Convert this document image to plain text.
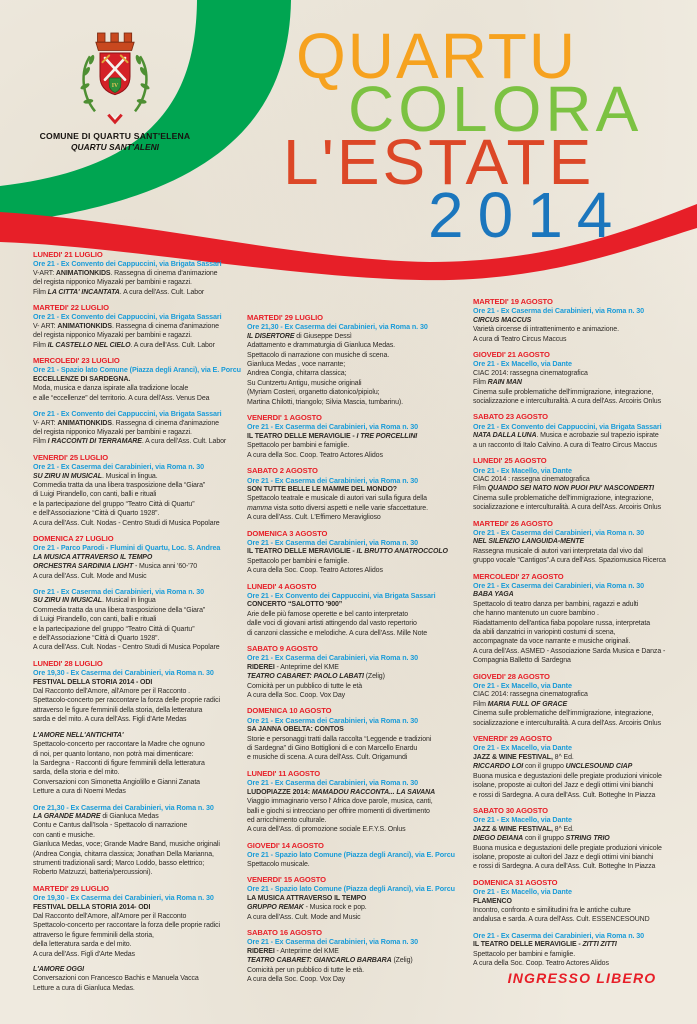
IV
COMUNE DI QUARTU SANT'ELENA
QUARTU SANT'ALENI
QUARTU
COLORA
L'ESTATE
2014
LUNEDI' 21 LUGLIO
Ore 21 - Ex Convento dei Cappuccini, via Brigata Sassari
V-ART: ANIMATIONKIDS. Rassegna di cinema d'animazione
del regista nipponico Miyazaki per bambini e ragazzi.
Film LA CITTA' INCANTATA. A cura dell'Ass. Cult. Labor
MARTEDI' 22 LUGLIO
Ore 21 - Ex Convento dei Cappuccini, via Brigata Sassari
V- ART: ANIMATIONKIDS. Rassegna di cinema d'animazione
del regista nipponico Miyazaki per bambini e ragazzi.
Film IL CASTELLO NEL CIELO. A cura dell'Ass. Cult. Labor
MERCOLEDI' 23 LUGLIO
Ore 21 - Spazio lato Comune (Piazza degli Aranci), via E. Porcu
ECCELLENZE DI SARDEGNA.
Moda, musica e danza ispirate alla tradizione locale
e alle “eccellenze” del territorio. A cura dell'Ass. Venus Dea
Ore 21 - Ex Convento dei Cappuccini, via Brigata Sassari
V- ART: ANIMATIONKIDS. Rassegna di cinema d'animazione
del regista nipponico Miyazaki per bambini e ragazzi.
Film I RACCONTI DI TERRAMARE. A cura dell'Ass. Cult. Labor
VENERDI' 25 LUGLIO
Ore 21 - Ex Caserma dei Carabinieri, via Roma n. 30
SU ZIRU IN MUSICAL. Musical in lingua.
Commedia tratta da una libera trasposizione della “Giara”
di Luigi Pirandello, con canti, balli e rituali
e la partecipazione del gruppo “Teatro Città di Quartu”
e dell'Associazione “Città di Quarto 1928”.
A cura dell'Ass. Cult. Nodas - Centro Studi di Musica Popolare
DOMENICA 27 LUGLIO
Ore 21 - Parco Parodi - Flumini di Quartu, Loc. S. Andrea
LA MUSICA ATTRAVERSO IL TEMPO
ORCHESTRA SARDINIA LIGHT - Musica anni '60-'70
A cura dell'Ass. Cult. Mode and Music
Ore 21 - Ex Caserma dei Carabinieri, via Roma n. 30
SU ZIRU IN MUSICAL. Musical in lingua
Commedia tratta da una libera trasposizione della “Giara”
di Luigi Pirandello, con canti, balli e rituali
e la partecipazione del gruppo “Teatro Città di Quartu”
e dell'Associazione “Città di Quarto 1928”.
A cura dell'Ass. Cult. Nodas - Centro Studi di Musica Popolare
LUNEDI' 28 LUGLIO
Ore 19,30 - Ex Caserma dei Carabinieri, via Roma n. 30
FESTIVAL DELLA STORIA 2014 - ODI
Dal Racconto dell'Amore, all'Amore per il Racconto .
Spettacolo-concerto per raccontare la forza delle proprie radici
attraverso le figure femminili della storia, della letteratura
sarda e del mito. A cura dell'Ass. Figli d'Arte Medas
L'AMORE NELL'ANTICHITA'
Spettacolo-concerto per raccontare la Madre che ognuno
di noi, per quanto lontano, non potrà mai dimenticare:
la Sardegna - Racconti di figure femminili della letteratura
sarda, della storia e del mito.
Conversazioni con Simonetta Angiolillo e Gianni Zanata
Letture a cura di Noemi Medas
Ore 21,30 - Ex Caserma dei Carabinieri, via Roma n. 30
LA GRANDE MADRE di Gianluca Medas
Contu e Cantus dall'Isola - Spettacolo di narrazione
con canti e musiche.
Gianluca Medas, voce; Grande Madre Band, musiche originali
(Andrea Congia, chitarra classica; Jonathan Della Marianna,
strumenti tradizionali sardi; Marco Loddo, basso elettrico;
Roberto Matzuzzi, batteria/percussioni).
MARTEDI' 29 LUGLIO
Ore 19,30 - Ex Caserma dei Carabinieri, via Roma n. 30
FESTIVAL DELLA STORIA 2014- ODI
Dal Racconto dell'Amore, all'Amore per il Racconto
Spettacolo-concerto per raccontare la forza delle proprie radici
attraverso le figure femminili della storia,
della letteratura sarda e del mito.
A cura dell'Ass. Figli d'Arte Medas
L'AMORE OGGI
Conversazioni con Francesco Bachis e Manuela Vacca
Letture a cura di Gianluca Medas.
MARTEDI' 29 LUGLIO
Ore 21,30 - Ex Caserma dei Carabinieri, via Roma n. 30
IL DISERTORE di Giuseppe Dessì
Adattamento e drammaturgia di Gianluca Medas.
Spettacolo di narrazione con musiche di scena.
Gianluca Medas , voce narrante;
Andrea Congia, chitarra classica;
Su Cuntzertu Antigu, musiche originali
(Myriam Costeri, organetto diatonico/pipiolu;
Martina Chilotti, triangolo; Silvia Mascia, tumbarinu).
VENERDI' 1 AGOSTO
Ore 21 - Ex Caserma dei Carabinieri, via Roma n. 30
IL TEATRO DELLE MERAVIGLIE - I TRE PORCELLINI
Spettacolo per bambini e famiglie.
A cura della Soc. Coop. Teatro Actores Alidos
SABATO 2 AGOSTO
Ore 21 - Ex Caserma dei Carabinieri, via Roma n. 30
SON TUTTE BELLE LE MAMME DEL MONDO?
Spettacolo teatrale e musicale di autori vari sulla figura della
mamma vista sotto diversi aspetti e nelle varie sfaccettature.
A cura dell'Ass. Cult. L'Effimero Meraviglioso
DOMENICA 3 AGOSTO
Ore 21 - Ex Caserma dei Carabinieri, via Roma n. 30
IL TEATRO DELLE MERAVIGLIE - IL BRUTTO ANATROCCOLO
Spettacolo per bambini e famiglie.
A cura della Soc. Coop. Teatro Actores Alidos
LUNEDI' 4 AGOSTO
Ore 21 - Ex Convento dei Cappuccini, via Brigata Sassari
CONCERTO “SALOTTO '900”
Arie delle più famose operette e bel canto interpretato
dalle voci di giovani artisti attingendo dal vasto repertorio
di canzoni classiche e melodiche. A cura dell'Ass. Mille Note
SABATO 9 AGOSTO
Ore 21 - Ex Caserma dei Carabinieri, via Roma n. 30
RIDEREI - Anteprime del KME
TEATRO CABARET: PAOLO LABATI (Zelig)
Comicità per un pubblico di tutte le età
A cura della Soc. Coop. Vox Day
DOMENICA 10 AGOSTO
Ore 21 - Ex Caserma dei Carabinieri, via Roma n. 30
SA JANNA OBELTA: CONTOS
Storie e personaggi tratti dalla raccolta “Leggende e tradizioni
di Sardegna” di Gino Bottiglioni di e con Marcello Enardu
e musiche di scena. A cura dell'Ass. Cult. Origamundi
LUNEDI' 11 AGOSTO
Ore 21 - Ex Caserma dei Carabinieri, via Roma n. 30
LUDOPIAZZE 2014: MAMADOU RACCONTA... LA SAVANA
Viaggio immaginario verso l' Africa dove parole, musica, canti,
balli e giochi si intrecciano per offrire momenti di divertimento
ed arricchimento culturale.
A cura dell'Ass. di promozione sociale E.F.Y.S. Onlus
GIOVEDI' 14 AGOSTO
Ore 21 - Spazio lato Comune (Piazza degli Aranci), via E. Porcu
Spettacolo musicale.
VENERDI' 15 AGOSTO
Ore 21 - Spazio lato Comune (Piazza degli Aranci), via E. Porcu
LA MUSICA ATTRAVERSO IL TEMPO
GRUPPO REMAK - Musica rock e pop.
A cura dell'Ass. Cult. Mode and Music
SABATO 16 AGOSTO
Ore 21 - Ex Caserma dei Carabinieri, via Roma n. 30
RIDEREI - Anteprime del KME
TEATRO CABARET: GIANCARLO BARBARA (Zelig)
Comicità per un pubblico di tutte le età.
A cura della Soc. Coop. Vox Day
MARTEDI' 19 AGOSTO
Ore 21 - Ex Caserma dei Carabinieri, via Roma n. 30
CIRCUS MACCUS
Varietà circense di intrattenimento e animazione.
A cura di Teatro Circus Maccus
GIOVEDI' 21 AGOSTO
Ore 21 - Ex Macello, via Dante
CIAC 2014: rassegna cinematografica
Film RAIN MAN
Cinema sulle problematiche dell'immigrazione, integrazione,
socializzazione e interculturalità. A cura dell'Ass. Arcoiris Onlus
SABATO 23 AGOSTO
Ore 21 - Ex Convento dei Cappuccini, via Brigata Sassari
NATA DALLA LUNA. Musica e acrobazie sul trapezio ispirate
a un racconto di Italo Calvino. A cura di Teatro Circus Maccus
LUNEDI' 25 AGOSTO
Ore 21 - Ex Macello, via Dante
CIAC 2014 : rassegna cinematografica
Film QUANDO SEI NATO NON PUOI PIU' NASCONDERTI
Cinema sulle problematiche dell'immigrazione, integrazione,
socializzazione e interculturalità. A cura dell'Ass. Arcoiris Onlus
MARTEDI' 26 AGOSTO
Ore 21 - Ex Caserma dei Carabinieri, via Roma n. 30
NEL SILENZIO LANGUIDA-MENTE
Rassegna musicale di autori vari interpretata dal vivo dal
gruppo vocale “Cantigos”.A cura dell'Ass. Spaziomusica Ricerca
MERCOLEDI' 27 AGOSTO
Ore 21 - Ex Caserma dei Carabinieri, via Roma n. 30
BABA YAGA
Spettacolo di teatro danza per bambini, ragazzi e adulti
che hanno mantenuto un cuore bambino .
Riadattamento dell'antica fiaba popolare russa, interpretata
da abili danzatrici in variopinti costumi di scena,
accompagnate da voce narrante e musiche originali.
A cura dell'Ass. ASMED - Associazione Sarda Musica e Danza -
Compagnia Balletto di Sardegna
GIOVEDI' 28 AGOSTO
Ore 21 - Ex Macello, via Dante
CIAC 2014: rassegna cinematografica
Film MARIA FULL OF GRACE
Cinema sulle problematiche dell'immigrazione, integrazione,
socializzazione e interculturalità. A cura dell'Ass. Arcoiris Onlus
VENERDI' 29 AGOSTO
Ore 21 - Ex Macello, via Dante
JAZZ & WINE FESTIVAL, 8^ Ed.
RICCARDO LOI con il gruppo UNCLESOUND CIAP
Buona musica e degustazioni delle pregiate produzioni vinicole
isolane, proposte ai cultori del Jazz e degli ottimi vini bianchi
e rossi di Sardegna. A cura dell'Ass. Cult. Botteghe In Piazza
SABATO 30 AGOSTO
Ore 21 - Ex Macello, via Dante
JAZZ & WINE FESTIVAL, 8^ Ed.
DIEGO DEIANA con il gruppo STRING TRIO
Buona musica e degustazioni delle pregiate produzioni vinicole
isolane, proposte ai cultori del Jazz e degli ottimi vini bianchi
e rossi di Sardegna. A cura dell'Ass. Cult. Botteghe In Piazza
DOMENICA 31 AGOSTO
Ore 21 - Ex Macello, via Dante
FLAMENCO
Incontro, confronto e similitudini fra le antiche culture
andalusa e sarda. A cura dell'Ass. Cult. ESSENCESOUND
Ore 21 - Ex Caserma dei Carabinieri, via Roma n. 30
IL TEATRO DELLE MERAVIGLIE - ZITTI ZITTI
Spettacolo per bambini e famiglie.
A cura della Soc. Coop. Teatro Actores Alidos
INGRESSO LIBERO
